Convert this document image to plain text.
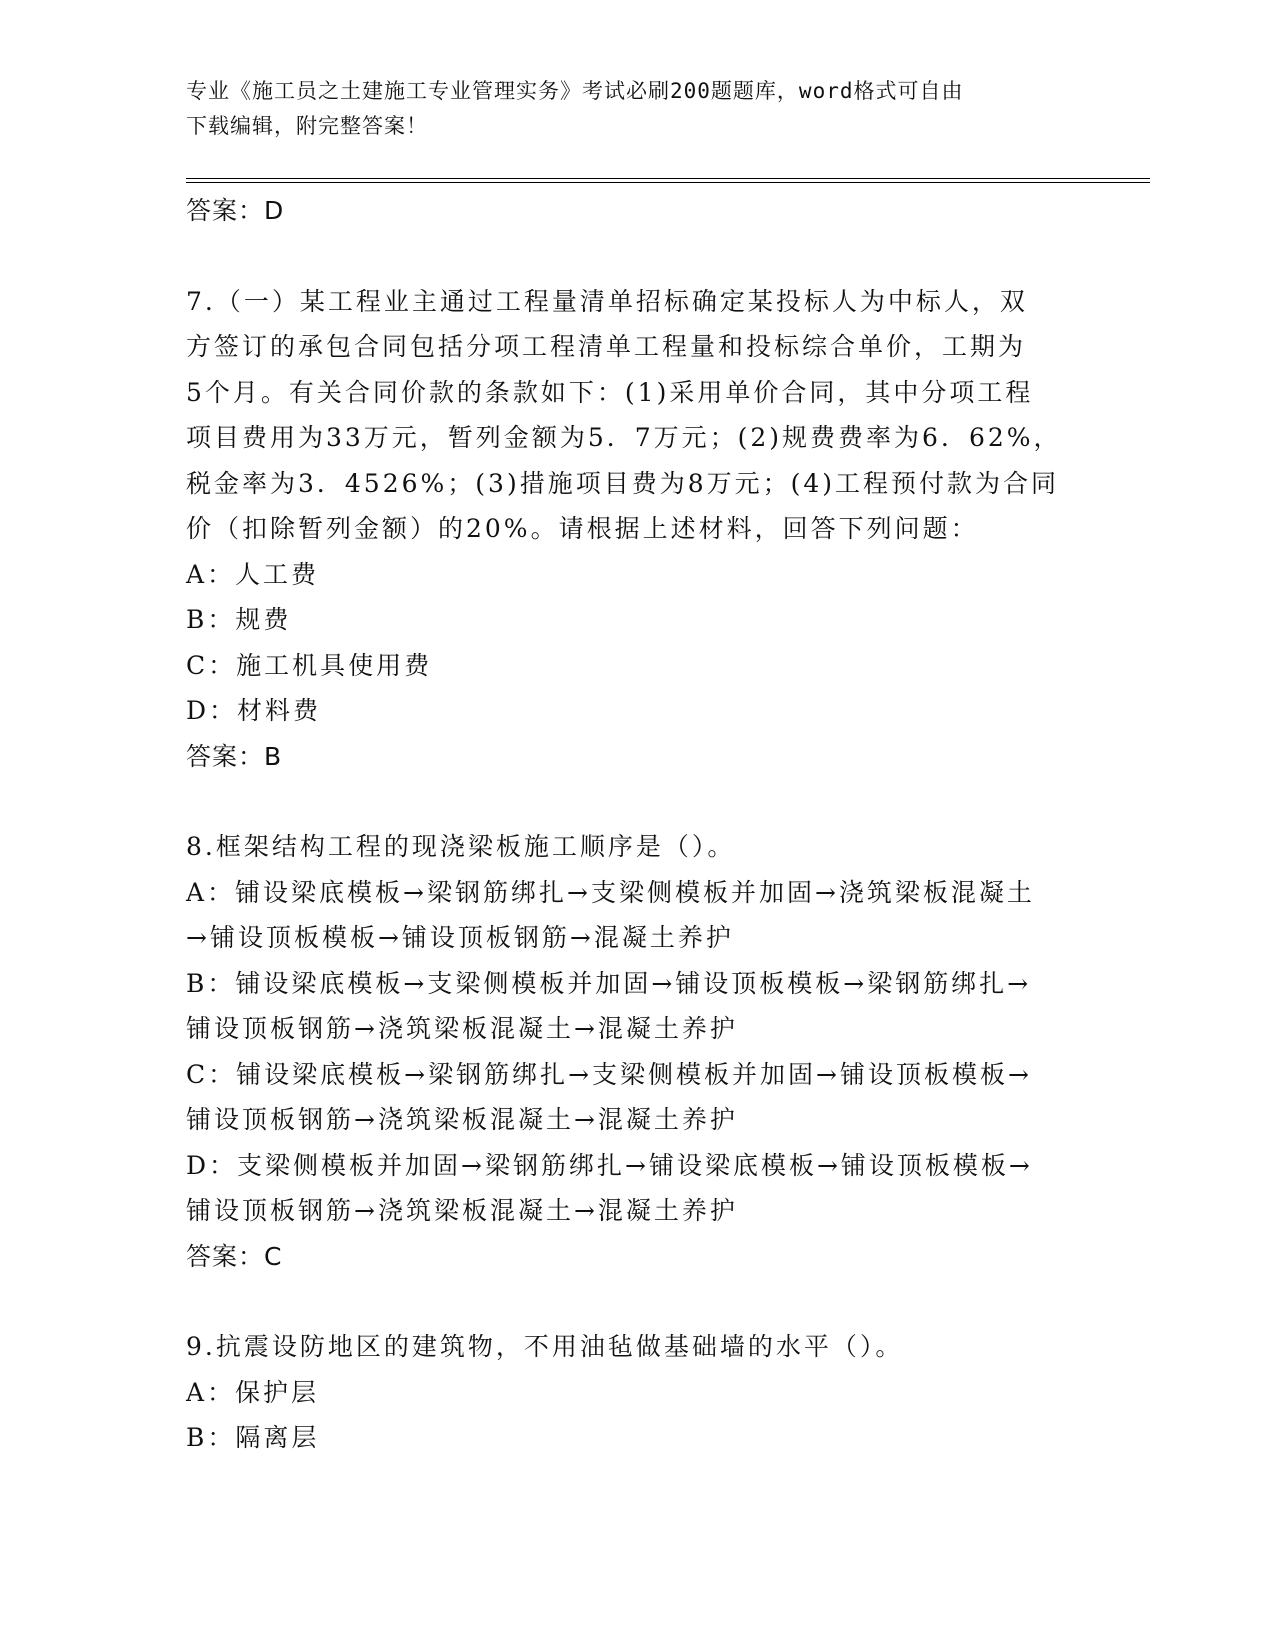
专业《施工员之土建施工专业管理实务》考试必刷200题题库，word格式可自由

下载编辑，附完整答案！

答案：D

7.（一）某工程业主通过工程量清单招标确定某投标人为中标人，双

方签订的承包合同包括分项工程清单工程量和投标综合单价，工期为

5个月。有关合同价款的条款如下：(1)采用单价合同，其中分项工程

项目费用为33万元，暂列金额为5．7万元；(2)规费费率为6．62%，

税金率为3．4526%；(3)措施项目费为8万元；(4)工程预付款为合同

价（扣除暂列金额）的20%。请根据上述材料，回答下列问题：

A：人工费

B：规费

C：施工机具使用费

D：材料费

答案：B

8.框架结构工程的现浇梁板施工顺序是（）。

A：铺设梁底模板→梁钢筋绑扎→支梁侧模板并加固→浇筑梁板混凝土

→铺设顶板模板→铺设顶板钢筋→混凝土养护

B：铺设梁底模板→支梁侧模板并加固→铺设顶板模板→梁钢筋绑扎→

铺设顶板钢筋→浇筑梁板混凝土→混凝土养护

C：铺设梁底模板→梁钢筋绑扎→支梁侧模板并加固→铺设顶板模板→

铺设顶板钢筋→浇筑梁板混凝土→混凝土养护

D：支梁侧模板并加固→梁钢筋绑扎→铺设梁底模板→铺设顶板模板→

铺设顶板钢筋→浇筑梁板混凝土→混凝土养护

答案：C

9.抗震设防地区的建筑物，不用油毡做基础墙的水平（）。

A：保护层

B：隔离层
